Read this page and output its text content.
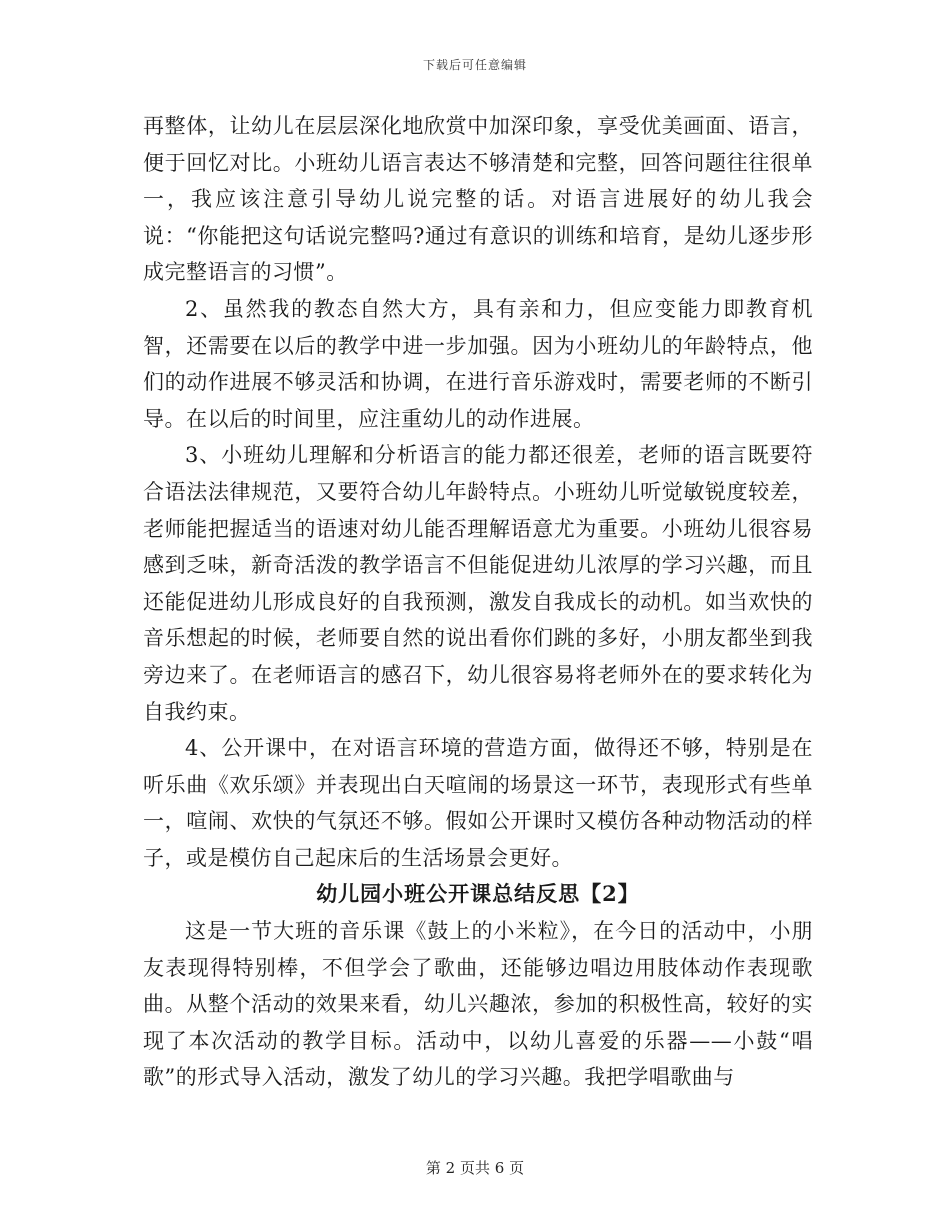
下载后可任意编辑

再整体，让幼儿在层层深化地欣赏中加深印象，享受优美画面、语言，便于回忆对比。小班幼儿语言表达不够清楚和完整，回答问题往往很单一，我应该注意引导幼儿说完整的话。对语言进展好的幼儿我会说：“你能把这句话说完整吗?通过有意识的训练和培育，是幼儿逐步形成完整语言的习惯”。

2、虽然我的教态自然大方，具有亲和力，但应变能力即教育机智，还需要在以后的教学中进一步加强。因为小班幼儿的年龄特点，他们的动作进展不够灵活和协调，在进行音乐游戏时，需要老师的不断引导。在以后的时间里，应注重幼儿的动作进展。

3、小班幼儿理解和分析语言的能力都还很差，老师的语言既要符合语法法律规范，又要符合幼儿年龄特点。小班幼儿听觉敏锐度较差，老师能把握适当的语速对幼儿能否理解语意尤为重要。小班幼儿很容易感到乏味，新奇活泼的教学语言不但能促进幼儿浓厚的学习兴趣，而且还能促进幼儿形成良好的自我预测，激发自我成长的动机。如当欢快的音乐想起的时候，老师要自然的说出看你们跳的多好，小朋友都坐到我旁边来了。在老师语言的感召下，幼儿很容易将老师外在的要求转化为自我约束。

4、公开课中，在对语言环境的营造方面，做得还不够，特别是在听乐曲《欢乐颂》并表现出白天喧闹的场景这一环节，表现形式有些单一，喧闹、欢快的气氛还不够。假如公开课时又模仿各种动物活动的样子，或是模仿自己起床后的生活场景会更好。

幼儿园小班公开课总结反思【2】

这是一节大班的音乐课《鼓上的小米粒》，在今日的活动中，小朋友表现得特别棒，不但学会了歌曲，还能够边唱边用肢体动作表现歌曲。从整个活动的效果来看，幼儿兴趣浓，参加的积极性高，较好的实现了本次活动的教学目标。活动中，以幼儿喜爱的乐器——小鼓“唱歌”的形式导入活动，激发了幼儿的学习兴趣。我把学唱歌曲与

第 2 页共 6 页
